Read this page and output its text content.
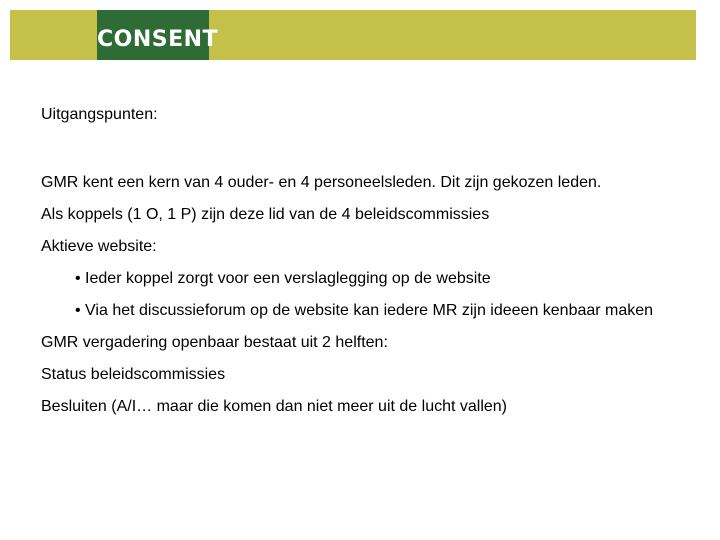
CONSENT

Uitgangspunten:

GMR kent een kern van 4 ouder- en 4 personeelsleden. Dit zijn gekozen leden.

Als koppels (1 O, 1 P) zijn deze lid van de 4 beleidscommissies

Aktieve website:

• Ieder koppel zorgt voor een verslaglegging op de website

• Via het discussieforum op de website kan iedere MR zijn ideeen kenbaar maken

GMR vergadering openbaar bestaat uit 2 helften:

Status beleidscommissies

Besluiten (A/I… maar die komen dan niet meer uit de lucht vallen)
